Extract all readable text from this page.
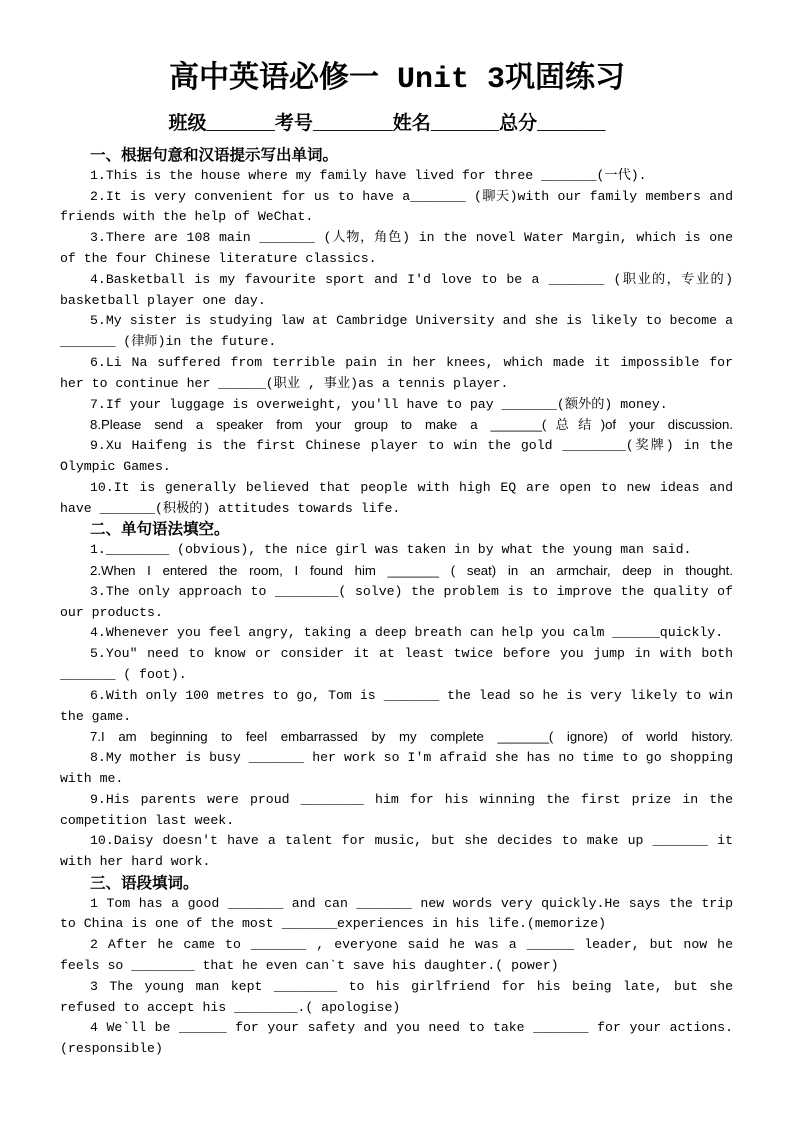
高中英语必修一 Unit 3巩固练习
班级______考号_______姓名______总分______
一、根据句意和汉语提示写出单词。

1.This is the house where my family have lived for three _______(一代).

2.It is very convenient for us to have a_______ (聊天)with our family members and friends with the help of WeChat.

3.There are 108 main _______ (人物，角色) in the novel Water Margin, which is one of the four Chinese literature classics.

4.Basketball is my favourite sport and I'd love to be a _______ (职业的，专业的) basketball player one day.

5.My sister is studying law at Cambridge University and she is likely to become a _______ (律师)in the future.

6.Li Na suffered from terrible pain in her knees, which made it impossible for her to continue her ______(职业 , 事业)as a tennis player.

7.If your luggage is overweight, you'll have to pay _______(额外的) money.

8.Please send a speaker from your group to make a _______(总结)of your discussion.

9.Xu Haifeng is the first Chinese player to win the gold ________(奖牌) in the Olympic Games.

10.It is generally believed that people with high EQ are open to new ideas and have _______(积极的) attitudes towards life.

二、单句语法填空。

1.________ (obvious), the nice girl was taken in by what the young man said.

2.When I entered the room, I found him _______ ( seat) in an armchair, deep in thought.

3.The only approach to ________( solve) the problem is to improve the quality of our products.

4.Whenever you feel angry, taking a deep breath can help you calm ______quickly.

5.You" need to know or consider it at least twice before you jump in with both _______ ( foot).

6.With only 100 metres to go, Tom is _______ the lead so he is very likely to win the game.

7.I am beginning to feel embarrassed by my complete _______( ignore) of world history.

8.My mother is busy _______ her work so I'm afraid she has no time to go shopping with me.

9.His parents were proud ________ him for his winning the first prize in the competition last week.

10.Daisy doesn't have a talent for music, but she decides to make up _______ it with her hard work.

三、语段填词。

1 Tom has a good _______ and can _______ new words very quickly.He says the trip to China is one of the most _______experiences in his life.(memorize)

2 After he came to _______ , everyone said he was a ______ leader, but now he feels so ________ that he even can`t save his daughter.( power)

3 The young man kept ________ to his girlfriend for his being late, but she refused to accept his ________.( apologise)

4 We`ll be ______ for your safety and you need to take _______ for your actions.(responsible)
